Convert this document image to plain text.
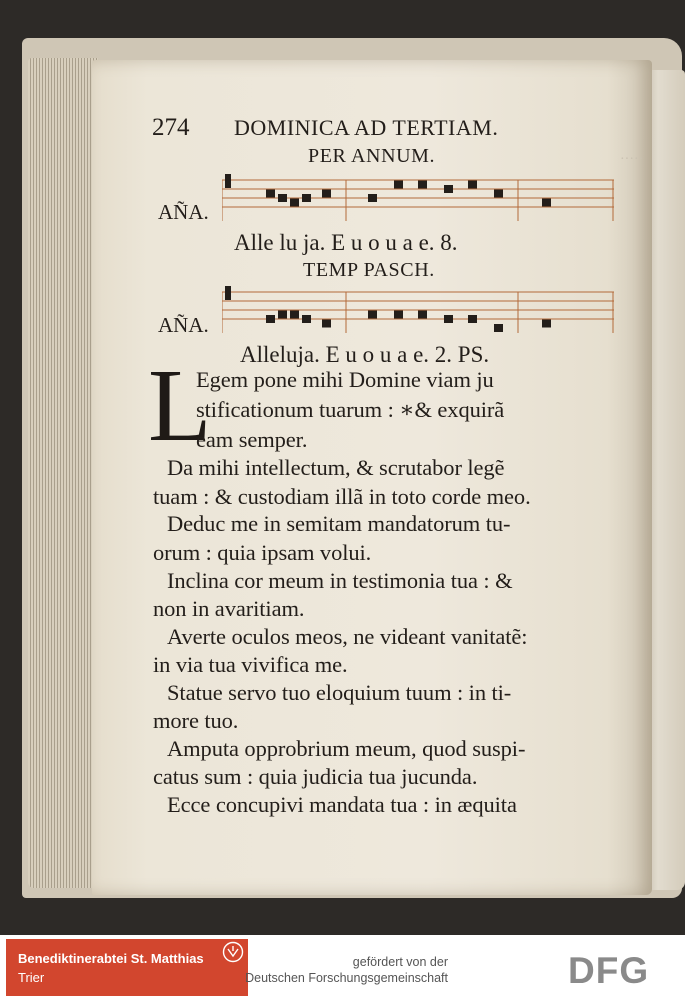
·····
274 DOMINICA AD TERTIAM.
PER ANNUM.
AÑA.
Alle lu ja. E u o u a e. 8.
TEMP PASCH.
AÑA.
Alleluja. E u o u a e. 2. PS.
L
Egem pone mihi Domine viam ju
stificationum tuarum : ∗& exquirã
eam semper.
Da mihi intellectum, & scrutabor legẽ
tuam : & custodiam illã in toto corde meo.
Deduc me in semitam mandatorum tu-
orum : quia ipsam volui.
Inclina cor meum in testimonia tua : &
non in avaritiam.
Averte oculos meos, ne videant vanitatẽ:
in via tua vivifica me.
Statue servo tuo eloquium tuum : in ti-
more tuo.
Amputa opprobrium meum, quod suspi-
catus sum : quia judicia tua jucunda.
Ecce concupivi mandata tua : in æquita
Benediktinerabtei St. Matthias
Trier
gefördert von der
Deutschen Forschungsgemeinschaft	DFG
